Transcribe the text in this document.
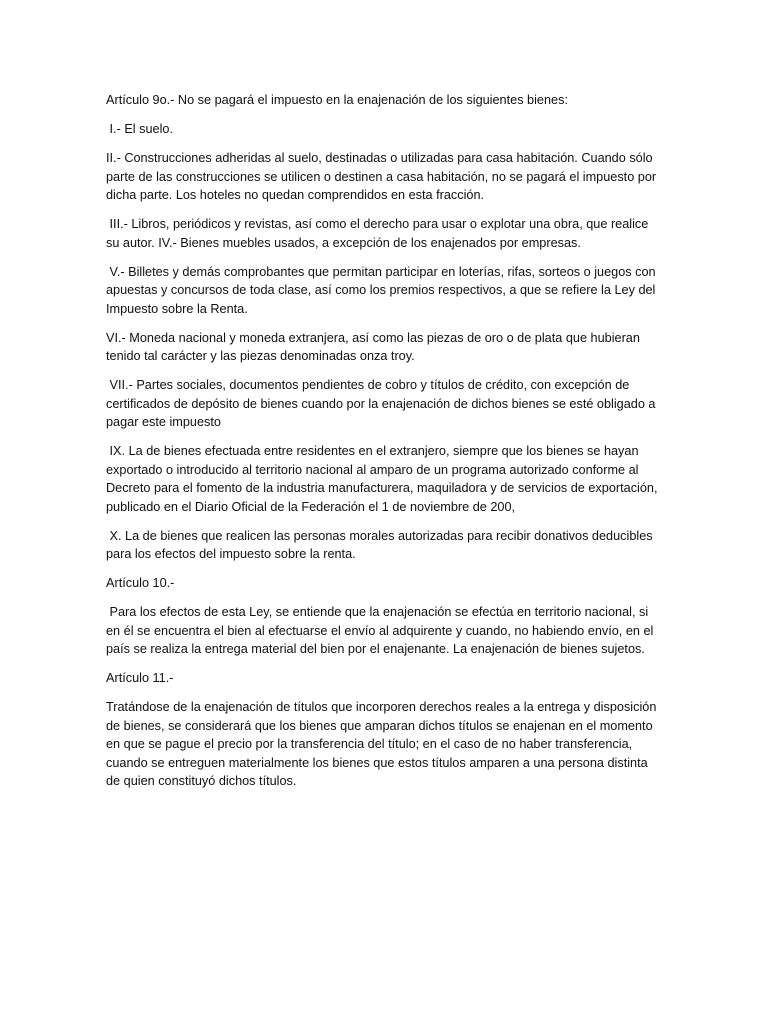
Artículo 9o.- No se pagará el impuesto en la enajenación de los siguientes bienes:

I.- El suelo.

II.- Construcciones adheridas al suelo, destinadas o utilizadas para casa habitación. Cuando sólo parte de las construcciones se utilicen o destinen a casa habitación, no se pagará el impuesto por dicha parte. Los hoteles no quedan comprendidos en esta fracción.

III.- Libros, periódicos y revistas, así como el derecho para usar o explotar una obra, que realice su autor. IV.- Bienes muebles usados, a excepción de los enajenados por empresas.

V.- Billetes y demás comprobantes que permitan participar en loterías, rifas, sorteos o juegos con apuestas y concursos de toda clase, así como los premios respectivos, a que se refiere la Ley del Impuesto sobre la Renta.

VI.- Moneda nacional y moneda extranjera, así como las piezas de oro o de plata que hubieran tenido tal carácter y las piezas denominadas onza troy.

VII.- Partes sociales, documentos pendientes de cobro y títulos de crédito, con excepción de certificados de depósito de bienes cuando por la enajenación de dichos bienes se esté obligado a pagar este impuesto

IX. La de bienes efectuada entre residentes en el extranjero, siempre que los bienes se hayan exportado o introducido al territorio nacional al amparo de un programa autorizado conforme al Decreto para el fomento de la industria manufacturera, maquiladora y de servicios de exportación, publicado en el Diario Oficial de la Federación el 1 de noviembre de 200,

X. La de bienes que realicen las personas morales autorizadas para recibir donativos deducibles para los efectos del impuesto sobre la renta.

Artículo 10.-

Para los efectos de esta Ley, se entiende que la enajenación se efectúa en territorio nacional, si en él se encuentra el bien al efectuarse el envío al adquirente y cuando, no habiendo envío, en el país se realiza la entrega material del bien por el enajenante. La enajenación de bienes sujetos.

Artículo 11.-

Tratándose de la enajenación de títulos que incorporen derechos reales a la entrega y disposición de bienes, se considerará que los bienes que amparan dichos títulos se enajenan en el momento en que se pague el precio por la transferencia del título; en el caso de no haber transferencia, cuando se entreguen materialmente los bienes que estos títulos amparen a una persona distinta de quien constituyó dichos títulos.
